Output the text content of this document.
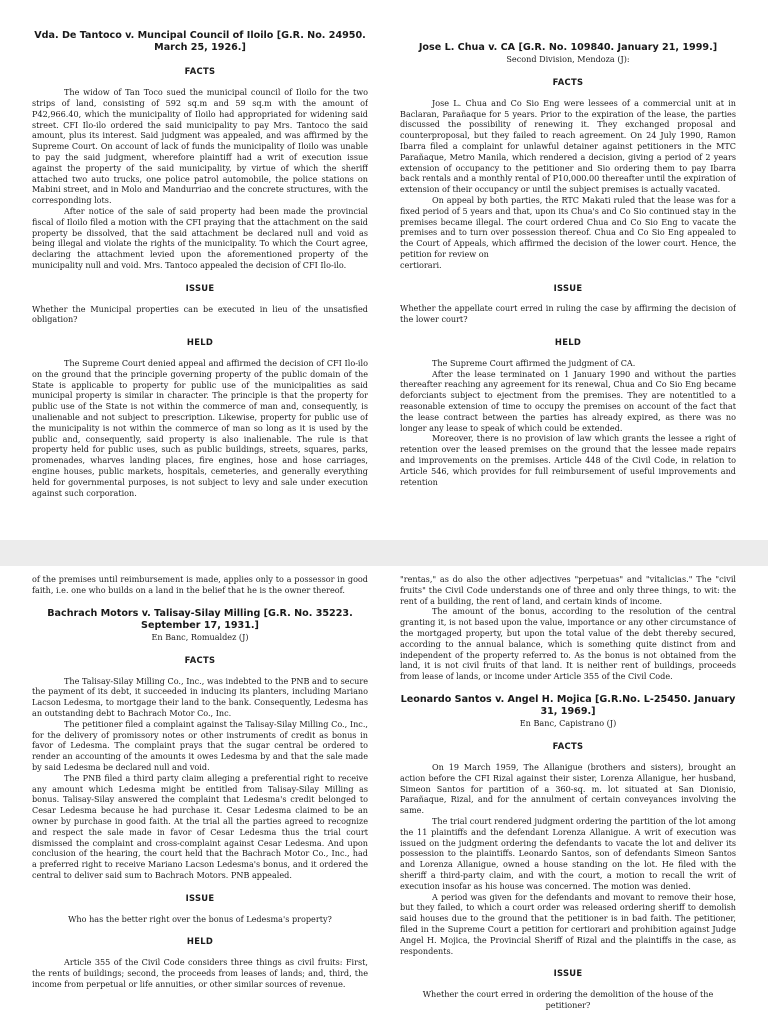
Vda. De Tantoco v. Muncipal Council of Iloilo [G.R. No. 24950. March 25, 1926.]

FACTS

The widow of Tan Toco sued the municipal council of Iloilo for the two strips of land, consisting of 592 sq.m and 59 sq.m with the amount of P42,966.40, which the municipality of Iloilo had appropriated for widening said street. CFI Ilo-ilo ordered the said municipality to pay Mrs. Tantoco the said amount, plus its interest. Said judgment was appealed, and was affirmed by the Supreme Court. On account of lack of funds the municipality of Iloilo was unable to pay the said judgment, wherefore plaintiff had a writ of execution issue against the property of the said municipality, by virtue of which the sheriff attached two auto trucks, one police patrol automobile, the police stations on Mabini street, and in Molo and Mandurriao and the concrete structures, with the corresponding lots.

After notice of the sale of said property had been made the provincial fiscal of Iloilo filed a motion with the CFI praying that the attachment on the said property be dissolved, that the said attachment be declared null and void as being illegal and violate the rights of the municipality. To which the Court agree, declaring the attachment levied upon the aforementioned property of the municipality null and void. Mrs. Tantoco appealed the decision of CFI Ilo-ilo.

ISSUE

Whether the Municipal properties can be executed in lieu of the unsatisfied obligation?

HELD

The Supreme Court denied appeal and affirmed the decision of CFI Ilo-ilo on the ground that the principle governing property of the public domain of the State is applicable to property for public use of the municipalities as said municipal property is similar in character. The principle is that the property for public use of the State is not within the commerce of man and, consequently, is unalienable and not subject to prescription. Likewise, property for public use of the municipality is not within the commerce of man so long as it is used by the public and, consequently, said property is also inalienable. The rule is that property held for public uses, such as public buildings, streets, squares, parks, promenades, wharves landing places, fire engines, hose and hose carriages, engine houses, public markets, hospitals, cemeteries, and generally everything held for governmental purposes, is not subject to levy and sale under execution against such corporation.

Jose L. Chua v. CA [G.R. No. 109840. January 21, 1999.]

Second Division, Mendoza (J):

FACTS

Jose L. Chua and Co Sio Eng were lessees of a commercial unit at in Baclaran, Parañaque for 5 years. Prior to the expiration of the lease, the parties discussed the possibility of renewing it. They exchanged proposal and counterproposal, but they failed to reach agreement. On 24 July 1990, Ramon Ibarra filed a complaint for unlawful detainer against petitioners in the MTC Parañaque, Metro Manila, which rendered a decision, giving a period of 2 years extension of occupancy to the petitioner and Sio ordering them to pay Ibarra back rentals and a monthly rental of P10,000.00 thereafter until the expiration of extension of their occupancy or until the subject premises is actually vacated.

On appeal by both parties, the RTC Makati ruled that the lease was for a fixed period of 5 years and that, upon its Chua's and Co Sio continued stay in the premises became illegal. The court ordered Chua and Co Sio Eng to vacate the premises and to turn over possession thereof. Chua and Co Sio Eng appealed to the Court of Appeals, which affirmed the decision of the lower court. Hence, the petition for review on

certiorari.

ISSUE

Whether the appellate court erred in ruling the case by affirming the decision of the lower court?

HELD

The Supreme Court affirmed the judgment of CA.

After the lease terminated on 1 January 1990 and without the parties thereafter reaching any agreement for its renewal, Chua and Co Sio Eng became deforciants subject to ejectment from the premises. They are notentitled to a reasonable extension of time to occupy the premises on account of the fact that the lease contract between the parties has already expired, as there was no longer any lease to speak of which could be extended.

Moreover, there is no provision of law which grants the lessee a right of retention over the leased premises on the ground that the lessee made repairs and improvements on the premises. Article 448 of the Civil Code, in relation to Article 546, which provides for full reimbursement of useful improvements and retention

of the premises until reimbursement is made, applies only to a possessor in good faith, i.e. one who builds on a land in the belief that he is the owner thereof.

Bachrach Motors v. Talisay-Silay Milling [G.R. No. 35223. September 17, 1931.]

En Banc, Romualdez (J)

FACTS

The Talisay-Silay Milling Co., Inc., was indebted to the PNB and to secure the payment of its debt, it succeeded in inducing its planters, including Mariano Lacson Ledesma, to mortgage their land to the bank. Consequently, Ledesma has an outstanding debt to Bachrach Motor Co., Inc.

The petitioner filed a complaint against the Talisay-Silay Milling Co., Inc., for the delivery of promissory notes or other instruments of credit as bonus in favor of Ledesma. The complaint prays that the sugar central be ordered to render an accounting of the amounts it owes Ledesma by and that the sale made by said Ledesma be declared null and void.

The PNB filed a third party claim alleging a preferential right to receive any amount which Ledesma might be entitled from Talisay-Silay Milling as bonus. Talisay-Silay answered the complaint that Ledesma's credit belonged to Cesar Ledesma because he had purchase it. Cesar Ledesma claimed to be an owner by purchase in good faith. At the trial all the parties agreed to recognize and respect the sale made in favor of Cesar Ledesma thus the trial court dismissed the complaint and cross-complaint against Cesar Ledesma. And upon conclusion of the hearing, the court held that the Bachrach Motor Co., Inc., had a preferred right to receive Mariano Lacson Ledesma's bonus, and it ordered the central to deliver said sum to Bachrach Motors. PNB appealed.

ISSUE

Who has the better right over the bonus of Ledesma's property?

HELD

Article 355 of the Civil Code considers three things as civil fruits: First, the rents of buildings; second, the proceeds from leases of lands; and, third, the income from perpetual or life annuities, or other similar sources of revenue.

"rentas," as do also the other adjectives "perpetuas" and "vitalicias." The "civil fruits" the Civil Code understands one of three and only three things, to wit: the rent of a building, the rent of land, and certain kinds of income.

The amount of the bonus, according to the resolution of the central granting it, is not based upon the value, importance or any other circumstance of the mortgaged property, but upon the total value of the debt thereby secured, according to the annual balance, which is something quite distinct from and independent of the property referred to. As the bonus is not obtained from the land, it is not civil fruits of that land. It is neither rent of buildings, proceeds from lease of lands, or income under Article 355 of the Civil Code.

Leonardo Santos v. Angel H. Mojica [G.R.No. L-25450. January 31, 1969.]

En Banc, Capistrano (J)

FACTS

On 19 March 1959, The Allanigue (brothers and sisters), brought an action before the CFI Rizal against their sister, Lorenza Allanigue, her husband, Simeon Santos for partition of a 360-sq. m. lot situated at San Dionisio, Parañaque, Rizal, and for the annulment of certain conveyances involving the same.

The trial court rendered judgment ordering the partition of the lot among the 11 plaintiffs and the defendant Lorenza Allanigue. A writ of execution was issued on the judgment ordering the defendants to vacate the lot and deliver its possession to the plaintiffs. Leonardo Santos, son of defendants Simeon Santos and Lorenza Allanigue, owned a house standing on the lot. He filed with the sheriff a third-party claim, and with the court, a motion to recall the writ of execution insofar as his house was concerned. The motion was denied.

A period was given for the defendants and movant to remove their hose, but they failed, to which a court order was released ordering sheriff to demolish said houses due to the ground that the petitioner is in bad faith. The petitioner, filed in the Supreme Court a petition for certiorari and prohibition against Judge Angel H. Mojica, the Provincial Sheriff of Rizal and the plaintiffs in the case, as respondents.

ISSUE

Whether the court erred in ordering the demolition of the house of the petitioner?
